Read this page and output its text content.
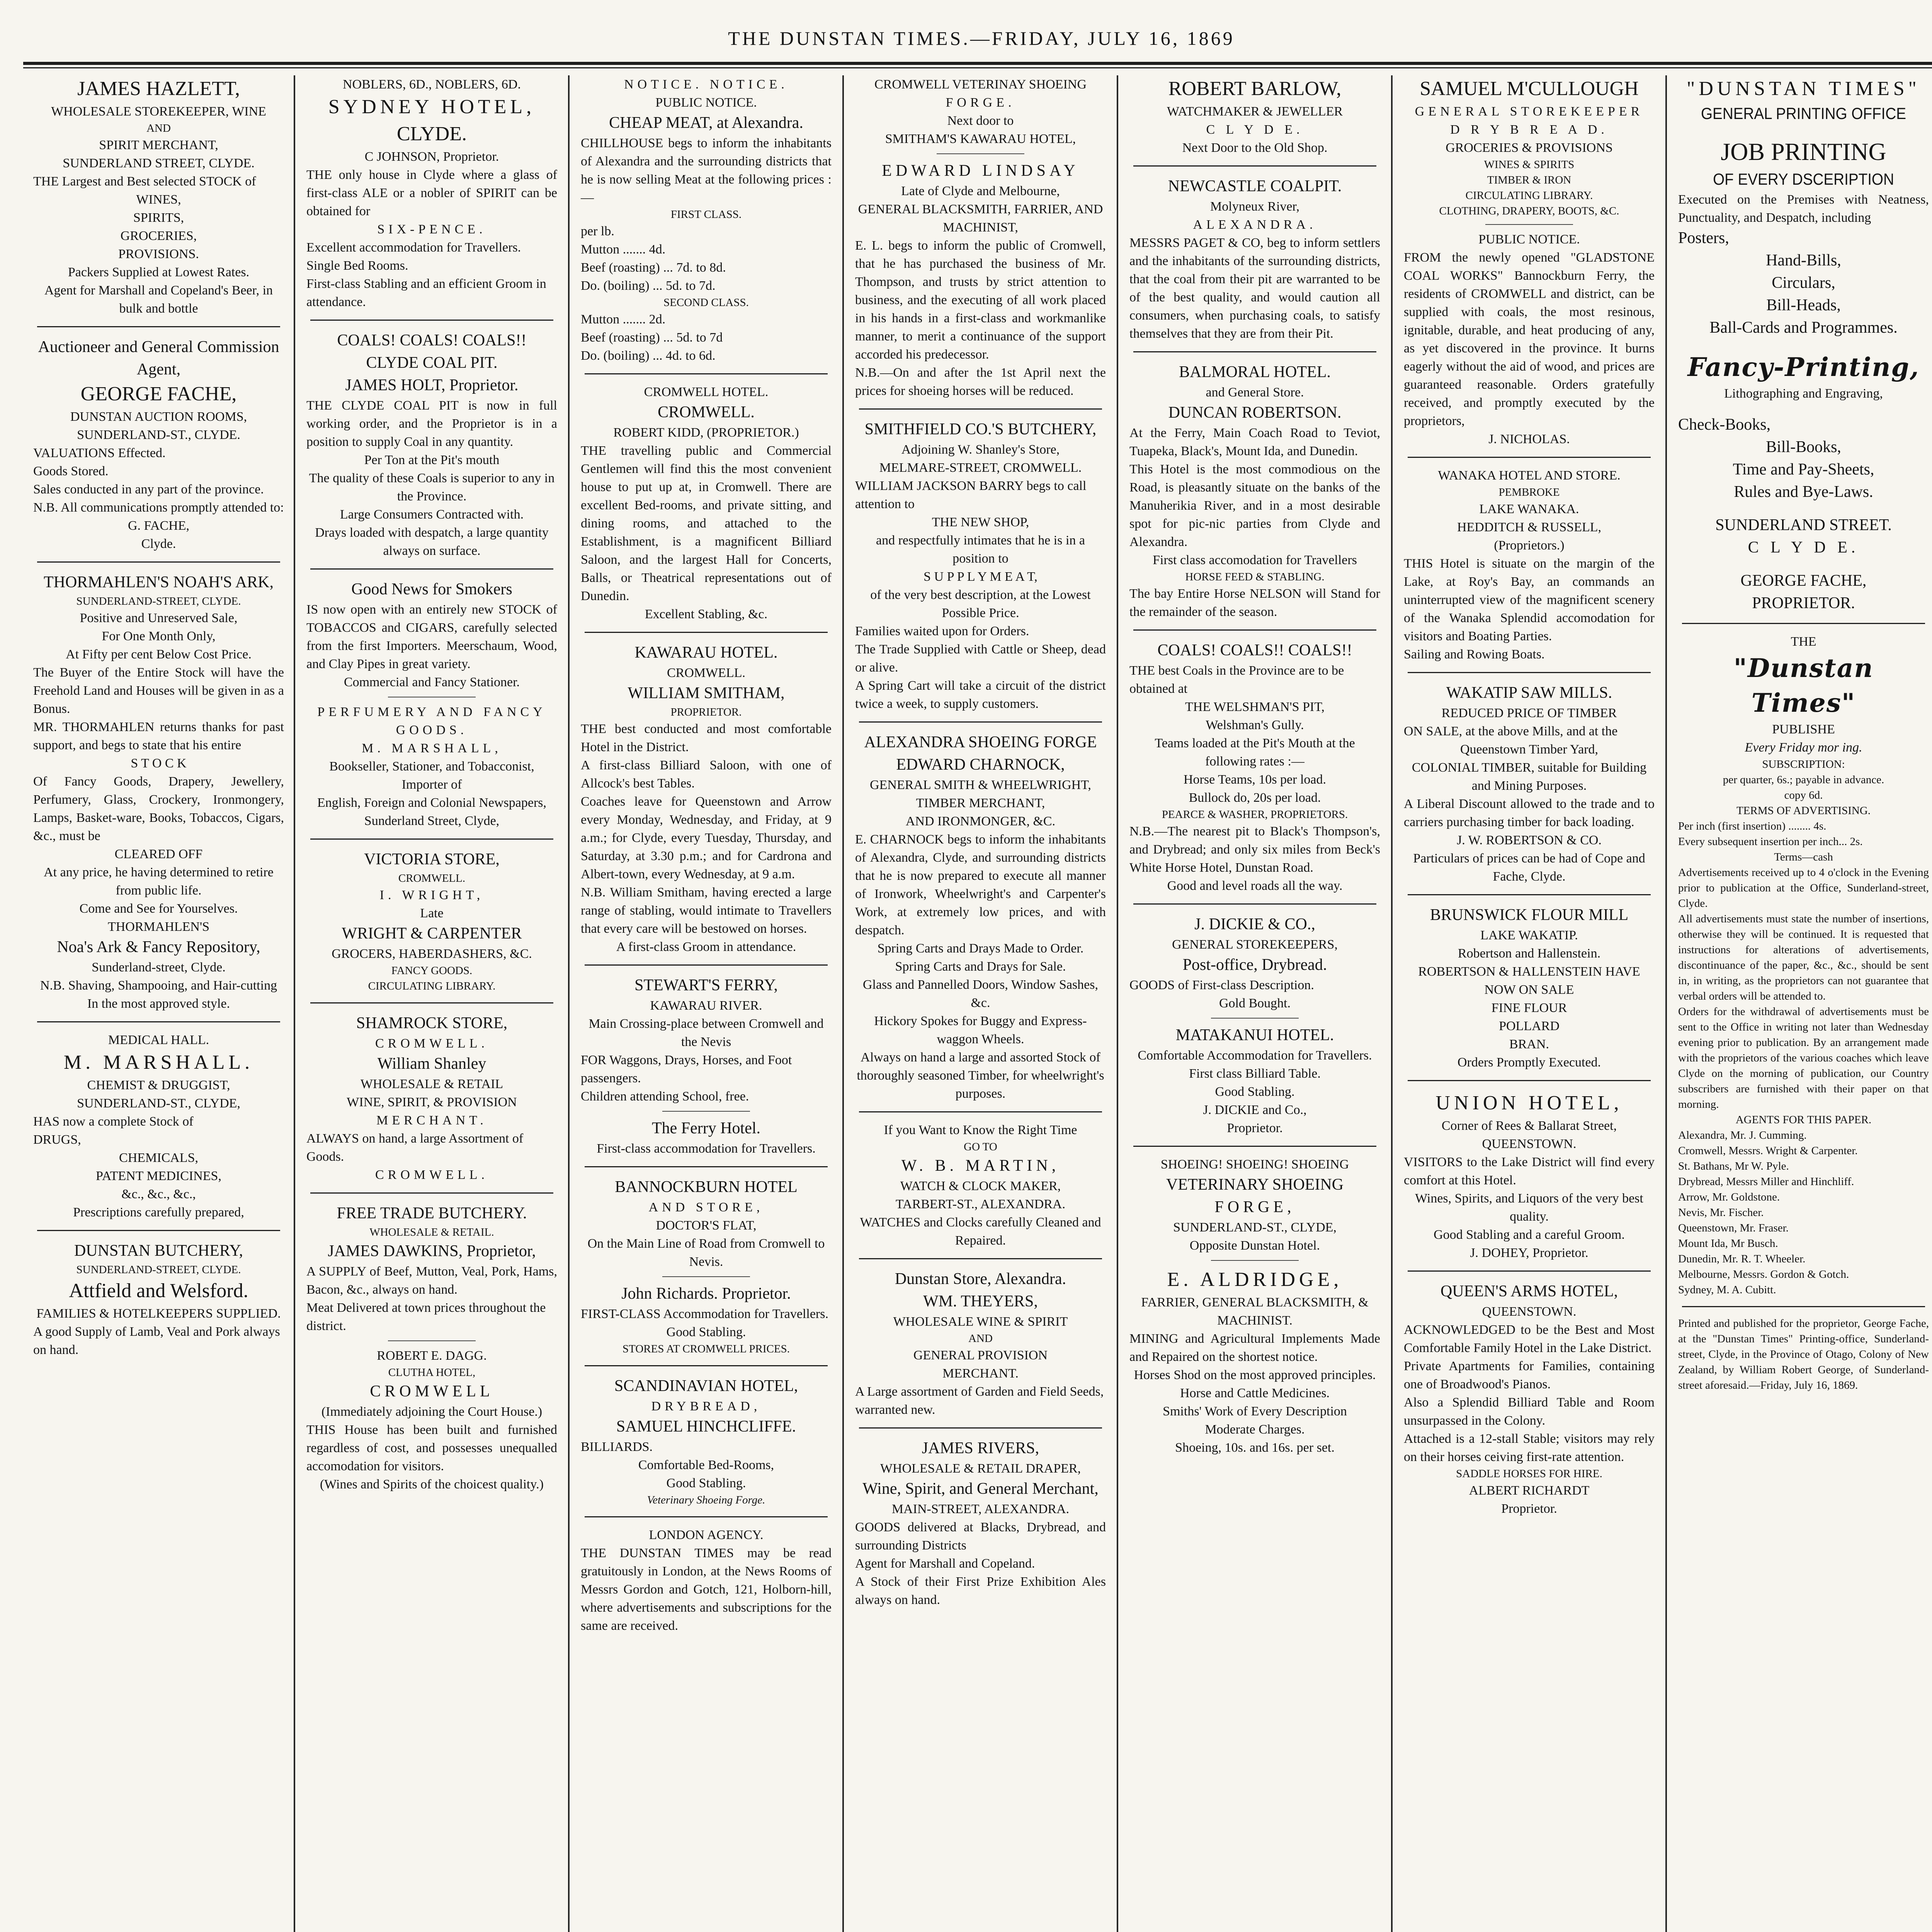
THE DUNSTAN TIMES.—FRIDAY, JULY 16, 1869
JAMES HAZLETT,
WHOLESALE STOREKEEPER, WINE
AND
SPIRIT MERCHANT,
SUNDERLAND STREET, CLYDE.
THE Largest and Best selected STOCK of
WINES,
SPIRITS,
GROCERIES,
PROVISIONS.
Packers Supplied at Lowest Rates.
Agent for Marshall and Copeland's Beer, in bulk and bottle
Auctioneer and General Commission Agent,
GEORGE FACHE,
DUNSTAN AUCTION ROOMS,
SUNDERLAND-ST., CLYDE.
VALUATIONS Effected.
Goods Stored.
Sales conducted in any part of the province.
N.B. All communications promptly attended to:
G. FACHE,
Clyde.
THORMAHLEN'S NOAH'S ARK,
SUNDERLAND-STREET, CLYDE.
Positive and Unreserved Sale,
For One Month Only,
At Fifty per cent Below Cost Price.
The Buyer of the Entire Stock will have the Freehold Land and Houses will be given in as a Bonus.
MR. THORMAHLEN returns thanks for past support, and begs to state that his entire
S T O C K
Of Fancy Goods, Drapery, Jewellery, Perfumery, Glass, Crockery, Ironmongery, Lamps, Basket-ware, Books, Tobaccos, Cigars, &c., must be
CLEARED OFF
At any price, he having determined to retire from public life.
Come and See for Yourselves.
THORMAHLEN'S
Noa's Ark & Fancy Repository,
Sunderland-street, Clyde.
N.B. Shaving, Shampooing, and Hair-cutting
In the most approved style.
MEDICAL HALL.
M. MARSHALL.
CHEMIST & DRUGGIST,
SUNDERLAND-ST., CLYDE,
HAS now a complete Stock of
DRUGS,
CHEMICALS,
PATENT MEDICINES,
&c., &c., &c.,
Prescriptions carefully prepared,
DUNSTAN BUTCHERY,
SUNDERLAND-STREET, CLYDE.
Attfield and Welsford.
FAMILIES & HOTELKEEPERS SUPPLIED.
A good Supply of Lamb, Veal and Pork always on hand.
NOBLERS, 6D., NOBLERS, 6D.
SYDNEY HOTEL,
CLYDE.
C JOHNSON, Proprietor.
THE only house in Clyde where a glass of first-class ALE or a nobler of SPIRIT can be obtained for
SIX-PENCE.
Excellent accommodation for Travellers.
Single Bed Rooms.
First-class Stabling and an efficient Groom in attendance.
COALS! COALS! COALS!!
CLYDE COAL PIT.
JAMES HOLT, Proprietor.
THE CLYDE COAL PIT is now in full working order, and the Proprietor is in a position to supply Coal in any quantity.
Per Ton at the Pit's mouth
The quality of these Coals is superior to any in the Province.
Large Consumers Contracted with.
Drays loaded with despatch, a large quantity always on surface.
Good News for Smokers
IS now open with an entirely new STOCK of TOBACCOS and CIGARS, carefully selected from the first Importers. Meerschaum, Wood, and Clay Pipes in great variety.
Commercial and Fancy Stationer.
PERFUMERY AND FANCY GOODS.
M. MARSHALL,
Bookseller, Stationer, and Tobacconist, Importer of
English, Foreign and Colonial Newspapers,
Sunderland Street, Clyde,
VICTORIA STORE,
CROMWELL.
I. WRIGHT,
Late
WRIGHT & CARPENTER
GROCERS, HABERDASHERS, &C.
FANCY GOODS.
CIRCULATING LIBRARY.
SHAMROCK STORE,
CROMWELL.
William Shanley
WHOLESALE & RETAIL
WINE, SPIRIT, & PROVISION
MERCHANT.
ALWAYS on hand, a large Assortment of Goods.
CROMWELL.
FREE TRADE BUTCHERY.
WHOLESALE & RETAIL.
JAMES DAWKINS, Proprietor,
A SUPPLY of Beef, Mutton, Veal, Pork, Hams, Bacon, &c., always on hand.
Meat Delivered at town prices throughout the district.
ROBERT E. DAGG.
CLUTHA HOTEL,
CROMWELL
(Immediately adjoining the Court House.)
THIS House has been built and furnished regardless of cost, and possesses unequalled accomodation for visitors.
(Wines and Spirits of the choicest quality.)
NOTICE. NOTICE.
PUBLIC NOTICE.
CHEAP MEAT, at Alexandra.
CHILLHOUSE begs to inform the inhabitants of Alexandra and the surrounding districts that he is now selling Meat at the following prices :—
FIRST CLASS.
per lb.
Mutton ....... 4d.
Beef (roasting) ... 7d. to 8d.
Do. (boiling) ... 5d. to 7d.
SECOND CLASS.
Mutton ....... 2d.
Beef (roasting) ... 5d. to 7d
Do. (boiling) ... 4d. to 6d.
CROMWELL HOTEL.
CROMWELL.
ROBERT KIDD, (PROPRIETOR.)
THE travelling public and Commercial Gentlemen will find this the most convenient house to put up at, in Cromwell. There are excellent Bed-rooms, and private sitting, and dining rooms, and attached to the Establishment, is a magnificent Billiard Saloon, and the largest Hall for Concerts, Balls, or Theatrical representations out of Dunedin.
Excellent Stabling, &c.
KAWARAU HOTEL.
CROMWELL.
WILLIAM SMITHAM,
PROPRIETOR.
THE best conducted and most comfortable Hotel in the District.
A first-class Billiard Saloon, with one of Allcock's best Tables.
Coaches leave for Queenstown and Arrow every Monday, Wednesday, and Friday, at 9 a.m.; for Clyde, every Tuesday, Thursday, and Saturday, at 3.30 p.m.; and for Cardrona and Albert-town, every Wednesday, at 9 a.m.
N.B. William Smitham, having erected a large range of stabling, would intimate to Travellers that every care will be bestowed on horses.
A first-class Groom in attendance.
STEWART'S FERRY,
KAWARAU RIVER.
Main Crossing-place between Cromwell and the Nevis
FOR Waggons, Drays, Horses, and Foot passengers.
Children attending School, free.
The Ferry Hotel.
First-class accommodation for Travellers.
BANNOCKBURN HOTEL
AND STORE,
DOCTOR'S FLAT,
On the Main Line of Road from Cromwell to Nevis.
John Richards. Proprietor.
FIRST-CLASS Accommodation for Travellers.
Good Stabling.
STORES AT CROMWELL PRICES.
SCANDINAVIAN HOTEL,
DRYBREAD,
SAMUEL HINCHCLIFFE.
BILLIARDS.
Comfortable Bed-Rooms,
Good Stabling.
Veterinary Shoeing Forge.
LONDON AGENCY.
THE DUNSTAN TIMES may be read gratuitously in London, at the News Rooms of Messrs Gordon and Gotch, 121, Holborn-hill, where advertisements and subscriptions for the same are received.
CROMWELL VETERINAY SHOEING
FORGE.
Next door to
SMITHAM'S KAWARAU HOTEL,
EDWARD LINDSAY
Late of Clyde and Melbourne,
GENERAL BLACKSMITH, FARRIER, AND MACHINIST,
E. L. begs to inform the public of Cromwell, that he has purchased the business of Mr. Thompson, and trusts by strict attention to business, and the executing of all work placed in his hands in a first-class and workmanlike manner, to merit a continuance of the support accorded his predecessor.
N.B.—On and after the 1st April next the prices for shoeing horses will be reduced.
SMITHFIELD CO.'S BUTCHERY,
Adjoining W. Shanley's Store,
MELMARE-STREET, CROMWELL.
WILLIAM JACKSON BARRY begs to call attention to
THE NEW SHOP,
and respectfully intimates that he is in a position to
S U P P L Y M E A T,
of the very best description, at the Lowest Possible Price.
Families waited upon for Orders.
The Trade Supplied with Cattle or Sheep, dead or alive.
A Spring Cart will take a circuit of the district twice a week, to supply customers.
ALEXANDRA SHOEING FORGE
EDWARD CHARNOCK,
GENERAL SMITH & WHEELWRIGHT,
TIMBER MERCHANT,
AND IRONMONGER, &C.
E. CHARNOCK begs to inform the inhabitants of Alexandra, Clyde, and surrounding districts that he is now prepared to execute all manner of Ironwork, Wheelwright's and Carpenter's Work, at extremely low prices, and with despatch.
Spring Carts and Drays Made to Order.
Spring Carts and Drays for Sale.
Glass and Pannelled Doors, Window Sashes, &c.
Hickory Spokes for Buggy and Express-waggon Wheels.
Always on hand a large and assorted Stock of thoroughly seasoned Timber, for wheelwright's purposes.
If you Want to Know the Right Time
GO TO
W. B. MARTIN,
WATCH & CLOCK MAKER,
TARBERT-ST., ALEXANDRA.
WATCHES and Clocks carefully Cleaned and Repaired.
Dunstan Store, Alexandra.
WM. THEYERS,
WHOLESALE WINE & SPIRIT
AND
GENERAL PROVISION
MERCHANT.
A Large assortment of Garden and Field Seeds, warranted new.
JAMES RIVERS,
WHOLESALE & RETAIL DRAPER,
Wine, Spirit, and General Merchant,
MAIN-STREET, ALEXANDRA.
GOODS delivered at Blacks, Drybread, and surrounding Districts
Agent for Marshall and Copeland.
A Stock of their First Prize Exhibition Ales always on hand.
ROBERT BARLOW,
WATCHMAKER & JEWELLER
C L Y D E.
Next Door to the Old Shop.
NEWCASTLE COALPIT.
Molyneux River,
ALEXANDRA.
MESSRS PAGET & CO, beg to inform settlers and the inhabitants of the surrounding districts, that the coal from their pit are warranted to be of the best quality, and would caution all consumers, when purchasing coals, to satisfy themselves that they are from their Pit.
BALMORAL HOTEL.
and General Store.
DUNCAN ROBERTSON.
At the Ferry, Main Coach Road to Teviot, Tuapeka, Black's, Mount Ida, and Dunedin.
This Hotel is the most commodious on the Road, is pleasantly situate on the banks of the Manuherikia River, and in a most desirable spot for pic-nic parties from Clyde and Alexandra.
First class accomodation for Travellers
HORSE FEED & STABLING.
The bay Entire Horse NELSON will Stand for the remainder of the season.
COALS! COALS!! COALS!!
THE best Coals in the Province are to be obtained at
THE WELSHMAN'S PIT,
Welshman's Gully.
Teams loaded at the Pit's Mouth at the following rates :—
Horse Teams, 10s per load.
Bullock do, 20s per load.
PEARCE & WASHER, PROPRIETORS.
N.B.—The nearest pit to Black's Thompson's, and Drybread; and only six miles from Beck's White Horse Hotel, Dunstan Road.
Good and level roads all the way.
J. DICKIE & CO.,
GENERAL STOREKEEPERS,
Post-office, Drybread.
GOODS of First-class Description.
Gold Bought.
MATAKANUI HOTEL.
Comfortable Accommodation for Travellers.
First class Billiard Table.
Good Stabling.
J. DICKIE and Co.,
Proprietor.
SHOEING! SHOEING! SHOEING
VETERINARY SHOEING
FORGE,
SUNDERLAND-ST., CLYDE,
Opposite Dunstan Hotel.
E. ALDRIDGE,
FARRIER, GENERAL BLACKSMITH, & MACHINIST.
MINING and Agricultural Implements Made and Repaired on the shortest notice.
Horses Shod on the most approved principles.
Horse and Cattle Medicines.
Smiths' Work of Every Description
Moderate Charges.
Shoeing, 10s. and 16s. per set.
SAMUEL M'CULLOUGH
GENERAL STOREKEEPER
D R Y B R E A D.
GROCERIES & PROVISIONS
WINES & SPIRITS
TIMBER & IRON
CIRCULATING LIBRARY.
CLOTHING, DRAPERY, BOOTS, &C.
PUBLIC NOTICE.
FROM the newly opened "GLADSTONE COAL WORKS" Bannockburn Ferry, the residents of CROMWELL and district, can be supplied with coals, the most resinous, ignitable, durable, and heat producing of any, as yet discovered in the province. It burns eagerly without the aid of wood, and prices are guaranteed reasonable. Orders gratefully received, and promptly executed by the proprietors,
J. NICHOLAS.
WANAKA HOTEL AND STORE.
PEMBROKE
LAKE WANAKA.
HEDDITCH & RUSSELL,
(Proprietors.)
THIS Hotel is situate on the margin of the Lake, at Roy's Bay, an commands an uninterrupted view of the magnificent scenery of the Wanaka Splendid accomodation for visitors and Boating Parties.
Sailing and Rowing Boats.
WAKATIP SAW MILLS.
REDUCED PRICE OF TIMBER
ON SALE, at the above Mills, and at the
Queenstown Timber Yard,
COLONIAL TIMBER, suitable for Building and Mining Purposes.
A Liberal Discount allowed to the trade and to carriers purchasing timber for back loading.
J. W. ROBERTSON & CO.
Particulars of prices can be had of Cope and Fache, Clyde.
BRUNSWICK FLOUR MILL
LAKE WAKATIP.
Robertson and Hallenstein.
ROBERTSON & HALLENSTEIN HAVE NOW ON SALE
FINE FLOUR
POLLARD
BRAN.
Orders Promptly Executed.
UNION HOTEL,
Corner of Rees & Ballarat Street,
QUEENSTOWN.
VISITORS to the Lake District will find every comfort at this Hotel.
Wines, Spirits, and Liquors of the very best quality.
Good Stabling and a careful Groom.
J. DOHEY, Proprietor.
QUEEN'S ARMS HOTEL,
QUEENSTOWN.
ACKNOWLEDGED to be the Best and Most Comfortable Family Hotel in the Lake District.
Private Apartments for Families, containing one of Broadwood's Pianos.
Also a Splendid Billiard Table and Room unsurpassed in the Colony.
Attached is a 12-stall Stable; visitors may rely on their horses ceiving first-rate attention.
SADDLE HORSES FOR HIRE.
ALBERT RICHARDT
Proprietor.
"DUNSTAN TIMES"
GENERAL PRINTING OFFICE
JOB PRINTING
OF EVERY DSCERIPTION
Executed on the Premises with Neatness, Punctuality, and Despatch, including
Posters,
Hand-Bills,
Circulars,
Bill-Heads,
Ball-Cards and Programmes.
Fancy-Printing,
Lithographing and Engraving,
Check-Books,
Bill-Books,
Time and Pay-Sheets,
Rules and Bye-Laws.
SUNDERLAND STREET.
C L Y D E.
GEORGE FACHE,
PROPRIETOR.
THE
"Dunstan Times"
PUBLISHE
Every Friday mor ing.
SUBSCRIPTION:
per quarter, 6s.; payable in advance.
copy 6d.
TERMS OF ADVERTISING.
Per inch (first insertion) ........ 4s.
Every subsequent insertion per inch... 2s.
Terms—cash
Advertisements received up to 4 o'clock in the Evening prior to publication at the Office, Sunderland-street, Clyde.
All advertisements must state the number of insertions, otherwise they will be continued. It is requested that instructions for alterations of advertisements, discontinuance of the paper, &c., &c., should be sent in, in writing, as the proprietors can not guarantee that verbal orders will be attended to.
Orders for the withdrawal of advertisements must be sent to the Office in writing not later than Wednesday evening prior to publication. By an arrangement made with the proprietors of the various coaches which leave Clyde on the morning of publication, our Country subscribers are furnished with their paper on that morning.
AGENTS FOR THIS PAPER.
Alexandra, Mr. J. Cumming.
Cromwell, Messrs. Wright & Carpenter.
St. Bathans, Mr W. Pyle.
Drybread, Messrs Miller and Hinchliff.
Arrow, Mr. Goldstone.
Nevis, Mr. Fischer.
Queenstown, Mr. Fraser.
Mount Ida, Mr Busch.
Dunedin, Mr. R. T. Wheeler.
Melbourne, Messrs. Gordon & Gotch.
Sydney, M. A. Cubitt.
Printed and published for the proprietor, George Fache, at the "Dunstan Times" Printing-office, Sunderland-street, Clyde, in the Province of Otago, Colony of New Zealand, by William Robert George, of Sunderland-street aforesaid.—Friday, July 16, 1869.
